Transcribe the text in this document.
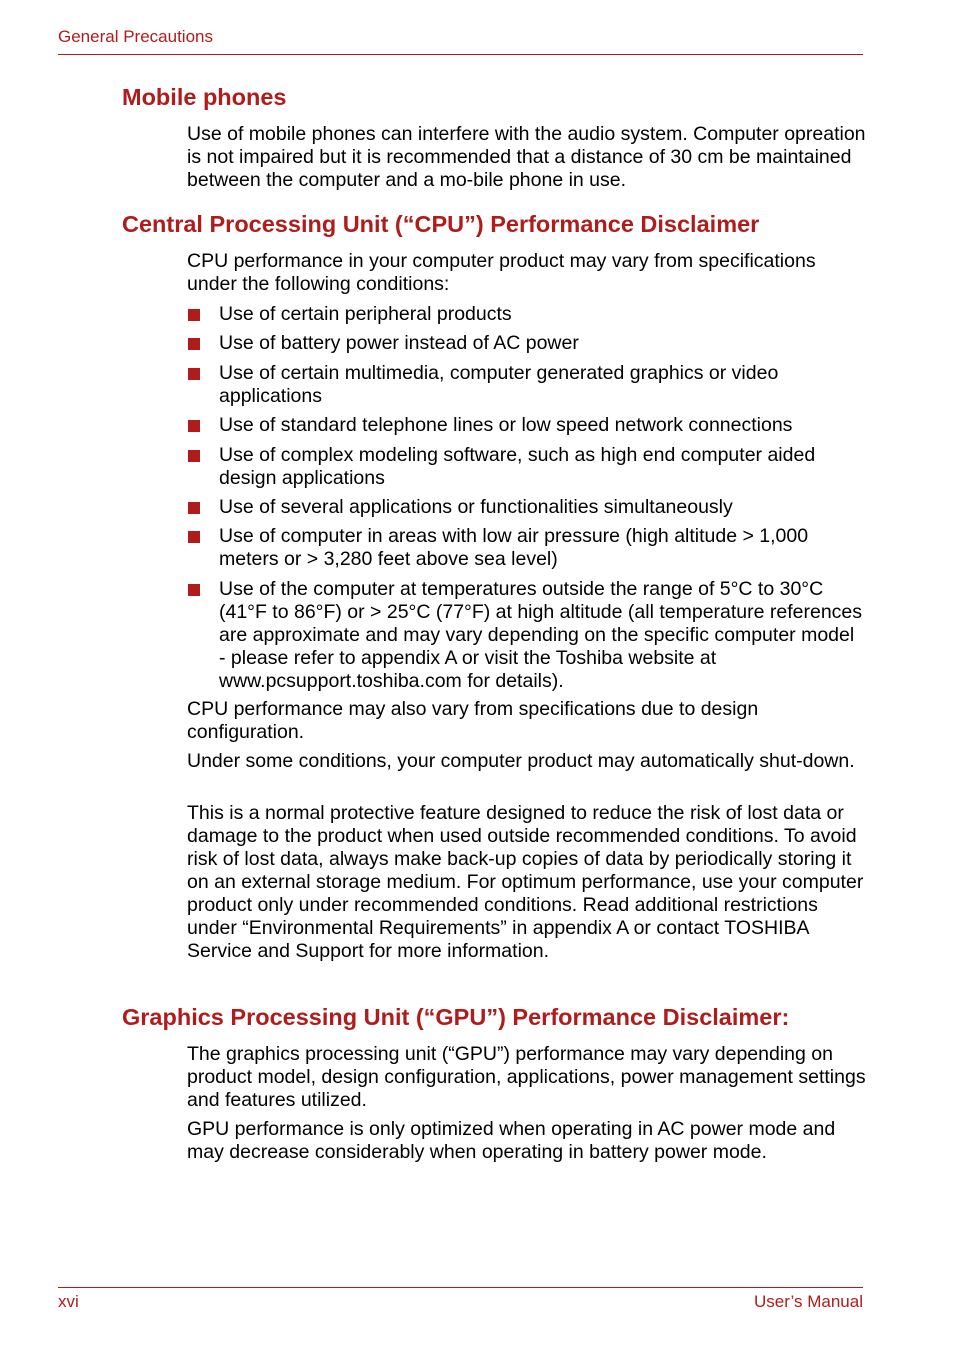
General Precautions
Mobile phones

Use of mobile phones can interfere with the audio system. Computer opreation is not impaired but it is recommended that a distance of 30 cm be maintained between the computer and a mo-bile phone in use.

Central Processing Unit (“CPU”) Performance Disclaimer

CPU performance in your computer product may vary from specifications under the following conditions:

Use of certain peripheral products
Use of battery power instead of AC power
Use of certain multimedia, computer generated graphics or video applications
Use of standard telephone lines or low speed network connections
Use of complex modeling software, such as high end computer aided design applications
Use of several applications or functionalities simultaneously
Use of computer in areas with low air pressure (high altitude > 1,000 meters or > 3,280 feet above sea level)
Use of the computer at temperatures outside the range of 5°C to 30°C (41°F to 86°F) or > 25°C (77°F) at high altitude (all temperature references are approximate and may vary depending on the specific computer model - please refer to appendix A or visit the Toshiba website at www.pcsupport.toshiba.com for details).

CPU performance may also vary from specifications due to design configuration.

Under some conditions, your computer product may automatically shut-down.

This is a normal protective feature designed to reduce the risk of lost data or damage to the product when used outside recommended conditions. To avoid risk of lost data, always make back-up copies of data by periodically storing it on an external storage medium. For optimum performance, use your computer product only under recommended conditions. Read additional restrictions under “Environmental Requirements” in appendix A or contact TOSHIBA Service and Support for more information.

Graphics Processing Unit (“GPU”) Performance Disclaimer:

The graphics processing unit (“GPU”) performance may vary depending on product model, design configuration, applications, power management settings and features utilized.

GPU performance is only optimized when operating in AC power mode and may decrease considerably when operating in battery power mode.

xvi	User’s Manual
